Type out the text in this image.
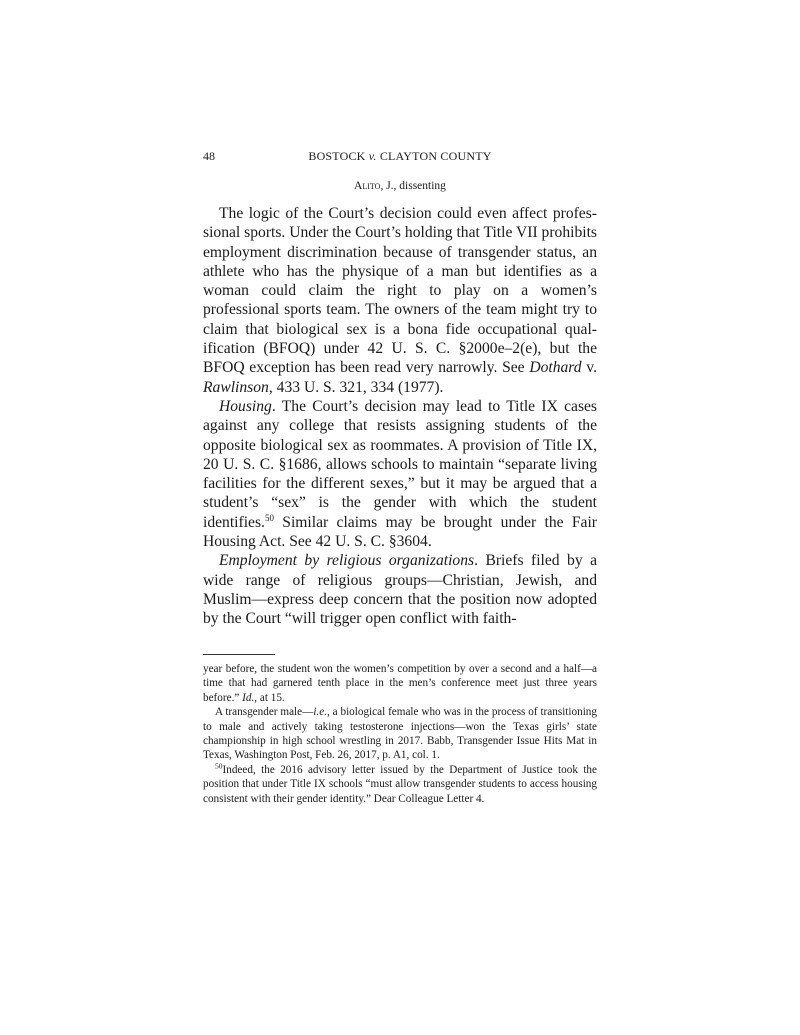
48	BOSTOCK v. CLAYTON COUNTY
Alito, J., dissenting

The logic of the Court’s decision could even affect professional sports. Under the Court’s holding that Title VII prohibits employment discrimination because of transgender status, an athlete who has the physique of a man but identifies as a woman could claim the right to play on a women’s professional sports team. The owners of the team might try to claim that biological sex is a bona fide occupational qualification (BFOQ) under 42 U. S. C. §2000e–2(e), but the BFOQ exception has been read very narrowly. See Dothard v. Rawlinson, 433 U. S. 321, 334 (1977).

Housing. The Court’s decision may lead to Title IX cases against any college that resists assigning students of the opposite biological sex as roommates. A provision of Title IX, 20 U. S. C. §1686, allows schools to maintain “separate living facilities for the different sexes,” but it may be argued that a student’s “sex” is the gender with which the student identifies.$^{50}$ Similar claims may be brought under the Fair Housing Act. See 42 U. S. C. §3604.

Employment by religious organizations. Briefs filed by a wide range of religious groups—Christian, Jewish, and Muslim—express deep concern that the position now adopted by the Court “will trigger open conflict with faith-

year before, the student won the women’s competition by over a second and a half—a time that had garnered tenth place in the men’s conference meet just three years before.” Id., at 15.

A transgender male—i.e., a biological female who was in the process of transitioning to male and actively taking testosterone injections—won the Texas girls’ state championship in high school wrestling in 2017. Babb, Transgender Issue Hits Mat in Texas, Washington Post, Feb. 26, 2017, p. A1, col. 1.

$^{50}$Indeed, the 2016 advisory letter issued by the Department of Justice took the position that under Title IX schools “must allow transgender students to access housing consistent with their gender identity.” Dear Colleague Letter 4.
